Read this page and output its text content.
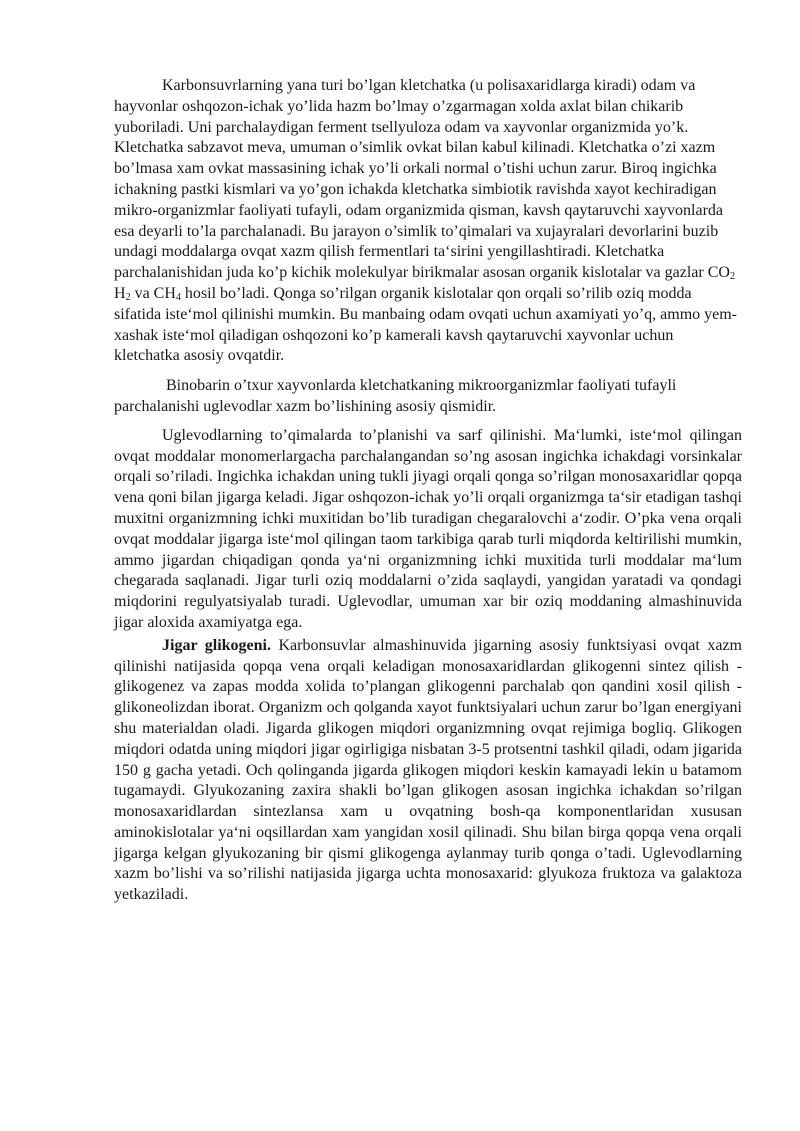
Karbonsuvrlarning yana turi bo’lgan kletchatka (u polisaxaridlarga kiradi) odam va hayvonlar oshqozon-ichak yo’lida hazm bo’lmay o’zgarmagan xolda axlat bilan chikarib yuboriladi. Uni parchalaydigan ferment tsellyuloza odam va xayvonlar organizmida yo’k. Kletchatka sabzavot meva, umuman o’simlik ovkat bilan kabul kilinadi. Kletchatka o’zi xazm bo’lmasa xam ovkat massasining ichak yo’li orkali normal o’tishi uchun zarur. Biroq ingichka ichakning pastki kismlari va yo’gon ichakda kletchatka simbiotik ravishda xayot kechiradigan mikro-organizmlar faoliyati tufayli, odam organizmida qisman, kavsh qaytaruvchi xayvonlarda esa deyarli to’la parchalanadi. Bu jarayon o’simlik to’qimalari va xujayralari devorlarini buzib undagi moddalarga ovqat xazm qilish fermentlari ta‘sirini yengillashtiradi. Kletchatka parchalanishidan juda ko’p kichik molekulyar birikmalar asosan organik kislotalar va gazlar $CO_2$ $H_2$ va $CH_4$ hosil bo’ladi. Qonga so’rilgan organik kislotalar qon orqali so’rilib oziq modda sifatida iste‘mol qilinishi mumkin. Bu manbaing odam ovqati uchun axamiyati yo’q, ammo yem-xashak iste‘mol qiladigan oshqozoni ko’p kamerali kavsh qaytaruvchi xayvonlar uchun kletchatka asosiy ovqatdir.

Binobarin o’txur xayvonlarda kletchatkaning mikroorganizmlar faoliyati tufayli parchalanishi uglevodlar xazm bo’lishining asosiy qismidir.

Uglevodlarning to’qimalarda to’planishi va sarf qilinishi. Ma‘lumki, iste‘mol qilingan ovqat moddalar monomerlargacha parchalangandan so’ng asosan ingichka ichakdagi vorsinkalar orqali so’riladi. Ingichka ichakdan uning tukli jiyagi orqali qonga so’rilgan monosaxaridlar qopqa vena qoni bilan jigarga keladi. Jigar oshqozon-ichak yo’li orqali organizmga ta‘sir etadigan tashqi muxitni organizmning ichki muxitidan bo’lib turadigan chegaralovchi a‘zodir. O’pka vena orqali ovqat moddalar jigarga iste‘mol qilingan taom tarkibiga qarab turli miqdorda keltirilishi mumkin, ammo jigardan chiqadigan qonda ya‘ni organizmning ichki muxitida turli moddalar ma‘lum chegarada saqlanadi. Jigar turli oziq moddalarni o’zida saqlaydi, yangidan yaratadi va qondagi miqdorini regulyatsiyalab turadi. Uglevodlar, umuman xar bir oziq moddaning almashinuvida jigar aloxida axamiyatga ega.

Jigar glikogeni. Karbonsuvlar almashinuvida jigarning asosiy funktsiyasi ovqat xazm qilinishi natijasida qopqa vena orqali keladigan monosaxaridlardan glikogenni sintez qilish - glikogenez va zapas modda xolida to’plangan glikogenni parchalab qon qandini xosil qilish - glikoneolizdan iborat. Organizm och qolganda xayot funktsiyalari uchun zarur bo’lgan energiyani shu materialdan oladi. Jigarda glikogen miqdori organizmning ovqat rejimiga bogliq. Glikogen miqdori odatda uning miqdori jigar ogirligiga nisbatan 3-5 protsentni tashkil qiladi, odam jigarida 150 g gacha yetadi. Och qolinganda jigarda glikogen miqdori keskin kamayadi lekin u batamom tugamaydi. Glyukozaning zaxira shakli bo’lgan glikogen asosan ingichka ichakdan so’rilgan monosaxaridlardan sintezlansa xam u ovqatning bosh-qa komponentlaridan xususan aminokislotalar ya‘ni oqsillardan xam yangidan xosil qilinadi. Shu bilan birga qopqa vena orqali jigarga kelgan glyukozaning bir qismi glikogenga aylanmay turib qonga o’tadi. Uglevodlarning xazm bo’lishi va so’rilishi natijasida jigarga uchta monosaxarid: glyukoza fruktoza va galaktoza yetkaziladi.
